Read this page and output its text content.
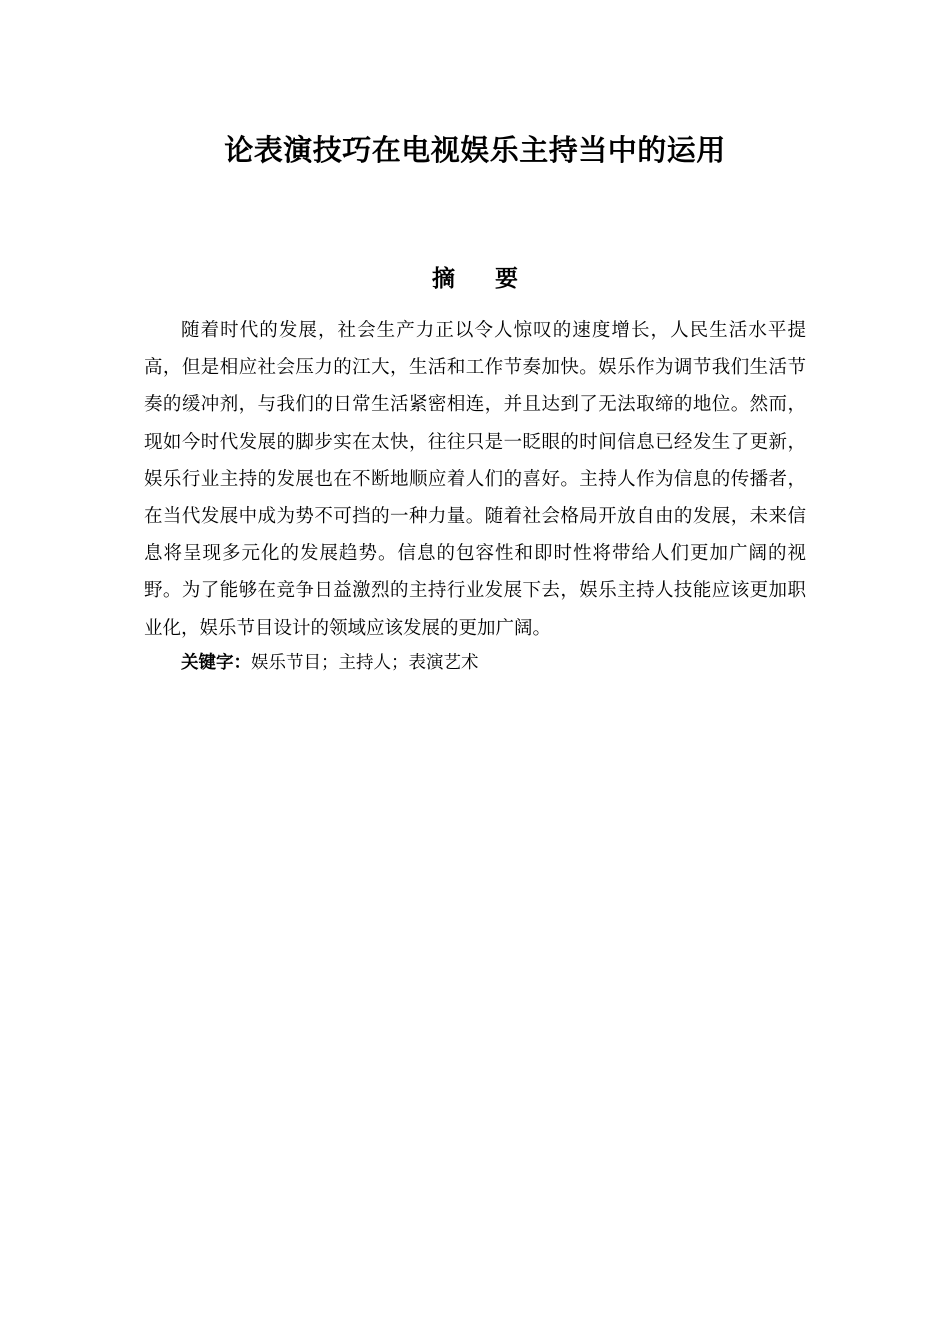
论表演技巧在电视娱乐主持当中的运用
摘 要

随着时代的发展，社会生产力正以令人惊叹的速度增长，人民生活水平提高，但是相应社会压力的江大，生活和工作节奏加快。娱乐作为调节我们生活节奏的缓冲剂，与我们的日常生活紧密相连，并且达到了无法取缔的地位。然而，现如今时代发展的脚步实在太快，往往只是一眨眼的时间信息已经发生了更新，娱乐行业主持的发展也在不断地顺应着人们的喜好。主持人作为信息的传播者，在当代发展中成为势不可挡的一种力量。随着社会格局开放自由的发展，未来信息将呈现多元化的发展趋势。信息的包容性和即时性将带给人们更加广阔的视野。为了能够在竞争日益激烈的主持行业发展下去，娱乐主持人技能应该更加职业化，娱乐节目设计的领域应该发展的更加广阔。

关键字：娱乐节目；主持人；表演艺术
